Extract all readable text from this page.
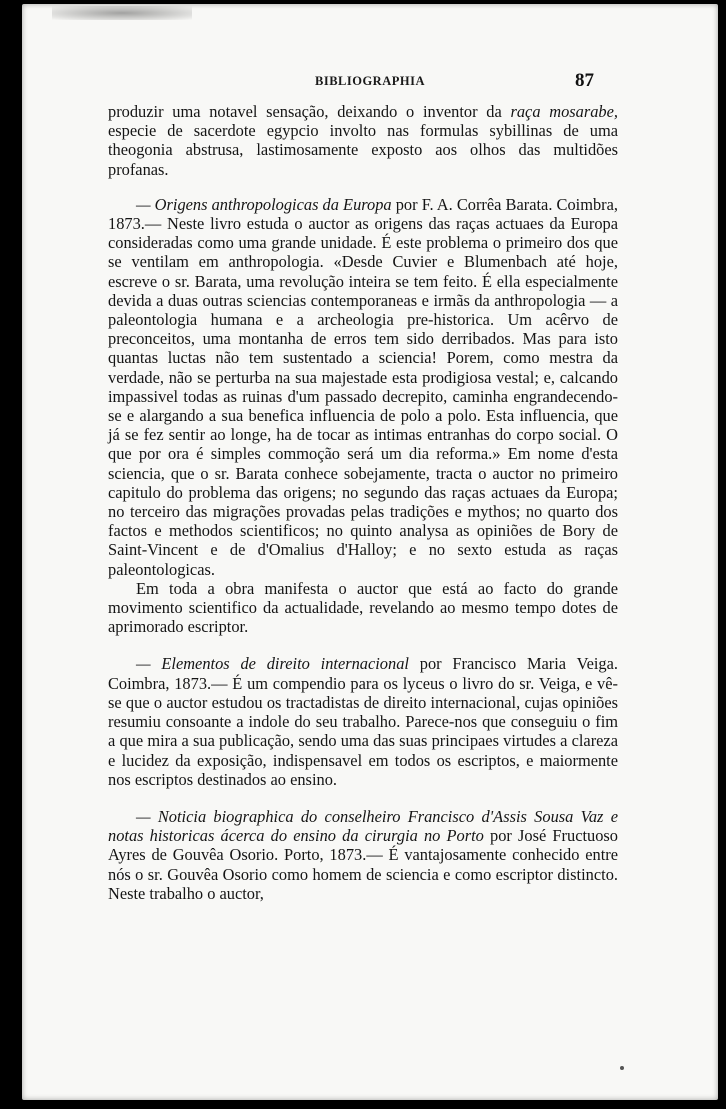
BIBLIOGRAPHIA	87

produzir uma notavel sensação, deixando o inventor da raça mosarabe, especie de sacerdote egypcio involto nas formulas sybillinas de uma theogonia abstrusa, lastimosamente exposto aos olhos das multidões profanas.

— Origens anthropologicas da Europa por F. A. Corrêa Barata. Coimbra, 1873.— Neste livro estuda o auctor as origens das raças actuaes da Europa consideradas como uma grande unidade. É este problema o primeiro dos que se ventilam em anthropologia. «Desde Cuvier e Blumenbach até hoje, escreve o sr. Barata, uma revolução inteira se tem feito. É ella especialmente devida a duas outras sciencias contemporaneas e irmãs da anthropologia — a paleontologia humana e a archeologia pre-historica. Um acêrvo de preconceitos, uma montanha de erros tem sido derribados. Mas para isto quantas luctas não tem sustentado a sciencia! Porem, como mestra da verdade, não se perturba na sua majestade esta prodigiosa vestal; e, calcando impassivel todas as ruinas d'um passado decrepito, caminha engrandecendo-se e alargando a sua benefica influencia de polo a polo. Esta influencia, que já se fez sentir ao longe, ha de tocar as intimas entranhas do corpo social. O que por ora é simples commoção será um dia reforma.» Em nome d'esta sciencia, que o sr. Barata conhece sobejamente, tracta o auctor no primeiro capitulo do problema das origens; no segundo das raças actuaes da Europa; no terceiro das migrações provadas pelas tradições e mythos; no quarto dos factos e methodos scientificos; no quinto analysa as opiniões de Bory de Saint-Vincent e de d'Omalius d'Halloy; e no sexto estuda as raças paleontologicas.

Em toda a obra manifesta o auctor que está ao facto do grande movimento scientifico da actualidade, revelando ao mesmo tempo dotes de aprimorado escriptor.

— Elementos de direito internacional por Francisco Maria Veiga. Coimbra, 1873.— É um compendio para os lyceus o livro do sr. Veiga, e vê-se que o auctor estudou os tractadistas de direito internacional, cujas opiniões resumiu consoante a indole do seu trabalho. Parece-nos que conseguiu o fim a que mira a sua publicação, sendo uma das suas principaes virtudes a clareza e lucidez da exposição, indispensavel em todos os escriptos, e maiormente nos escriptos destinados ao ensino.

— Noticia biographica do conselheiro Francisco d'Assis Sousa Vaz e notas historicas ácerca do ensino da cirurgia no Porto por José Fructuoso Ayres de Gouvêa Osorio. Porto, 1873.— É vantajosamente conhecido entre nós o sr. Gouvêa Osorio como homem de sciencia e como escriptor distincto. Neste trabalho o auctor,
